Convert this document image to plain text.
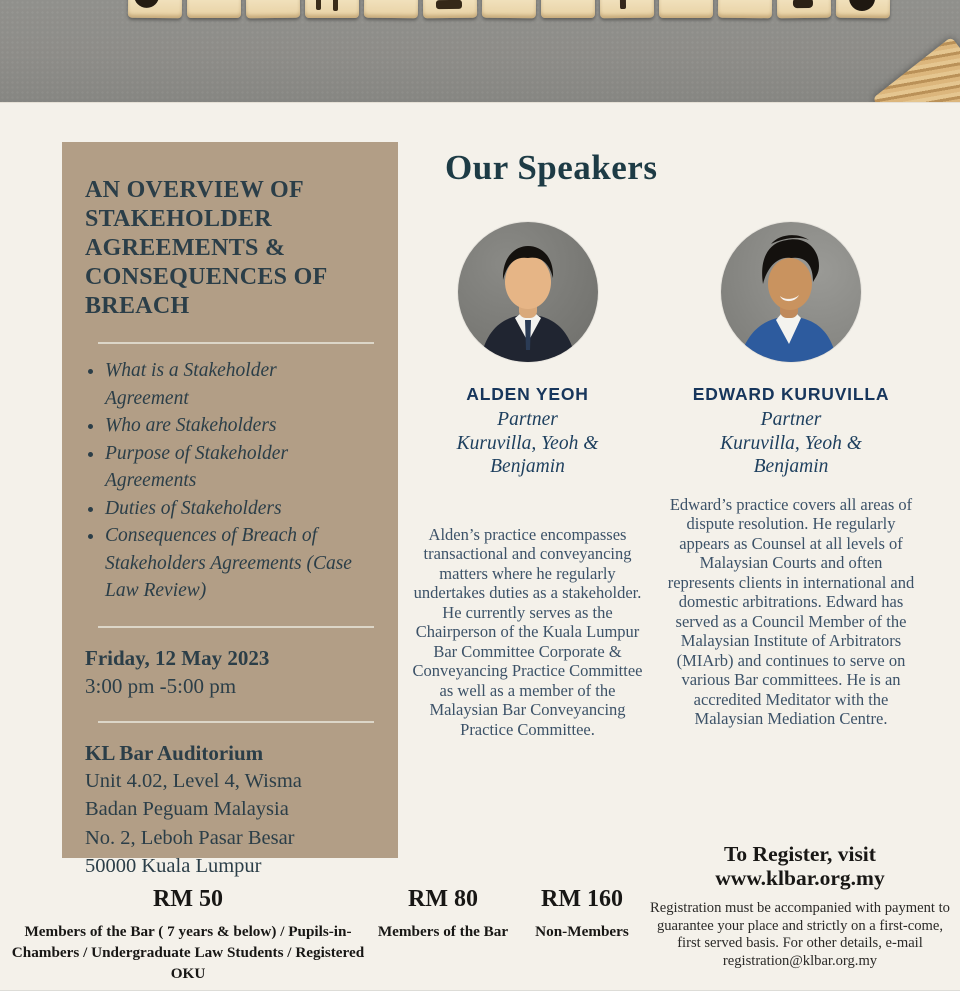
AN OVERVIEW OF STAKEHOLDER AGREEMENTS & CONSEQUENCES OF BREACH
• What is a Stakeholder Agreement
• Who are Stakeholders
• Purpose of Stakeholder Agreements
• Duties of Stakeholders
• Consequences of Breach of Stakeholders Agreements (Case Law Review)

Friday, 12 May 2023

3:00 pm -5:00 pm

KL Bar Auditorium

Unit 4.02, Level 4, Wisma
Badan Peguam Malaysia
No. 2, Leboh Pasar Besar
50000 Kuala Lumpur
Our Speakers

ALDEN YEOH

Partner

Kuruvilla, Yeoh & Benjamin

Alden’s practice encompasses transactional and conveyancing matters where he regularly undertakes duties as a stakeholder. He currently serves as the Chairperson of the Kuala Lumpur Bar Committee Corporate & Conveyancing Practice Committee as well as a member of the Malaysian Bar Conveyancing Practice Committee.

EDWARD KURUVILLA

Partner

Kuruvilla, Yeoh & Benjamin

Edward’s practice covers all areas of dispute resolution. He regularly appears as Counsel at all levels of Malaysian Courts and often represents clients in international and domestic arbitrations. Edward has served as a Council Member of the Malaysian Institute of Arbitrators (MIArb) and continues to serve on various Bar committees. He is an accredited Meditator with the Malaysian Mediation Centre.

RM 50

Members of the Bar ( 7 years & below) / Pupils-in-Chambers / Undergraduate Law Students / Registered OKU

RM 80

Members of the Bar

RM 160

Non-Members

To Register, visit

www.klbar.org.my

Registration must be accompanied with payment to guarantee your place and strictly on a first-come, first served basis. For other details, e-mail registration@klbar.org.my
